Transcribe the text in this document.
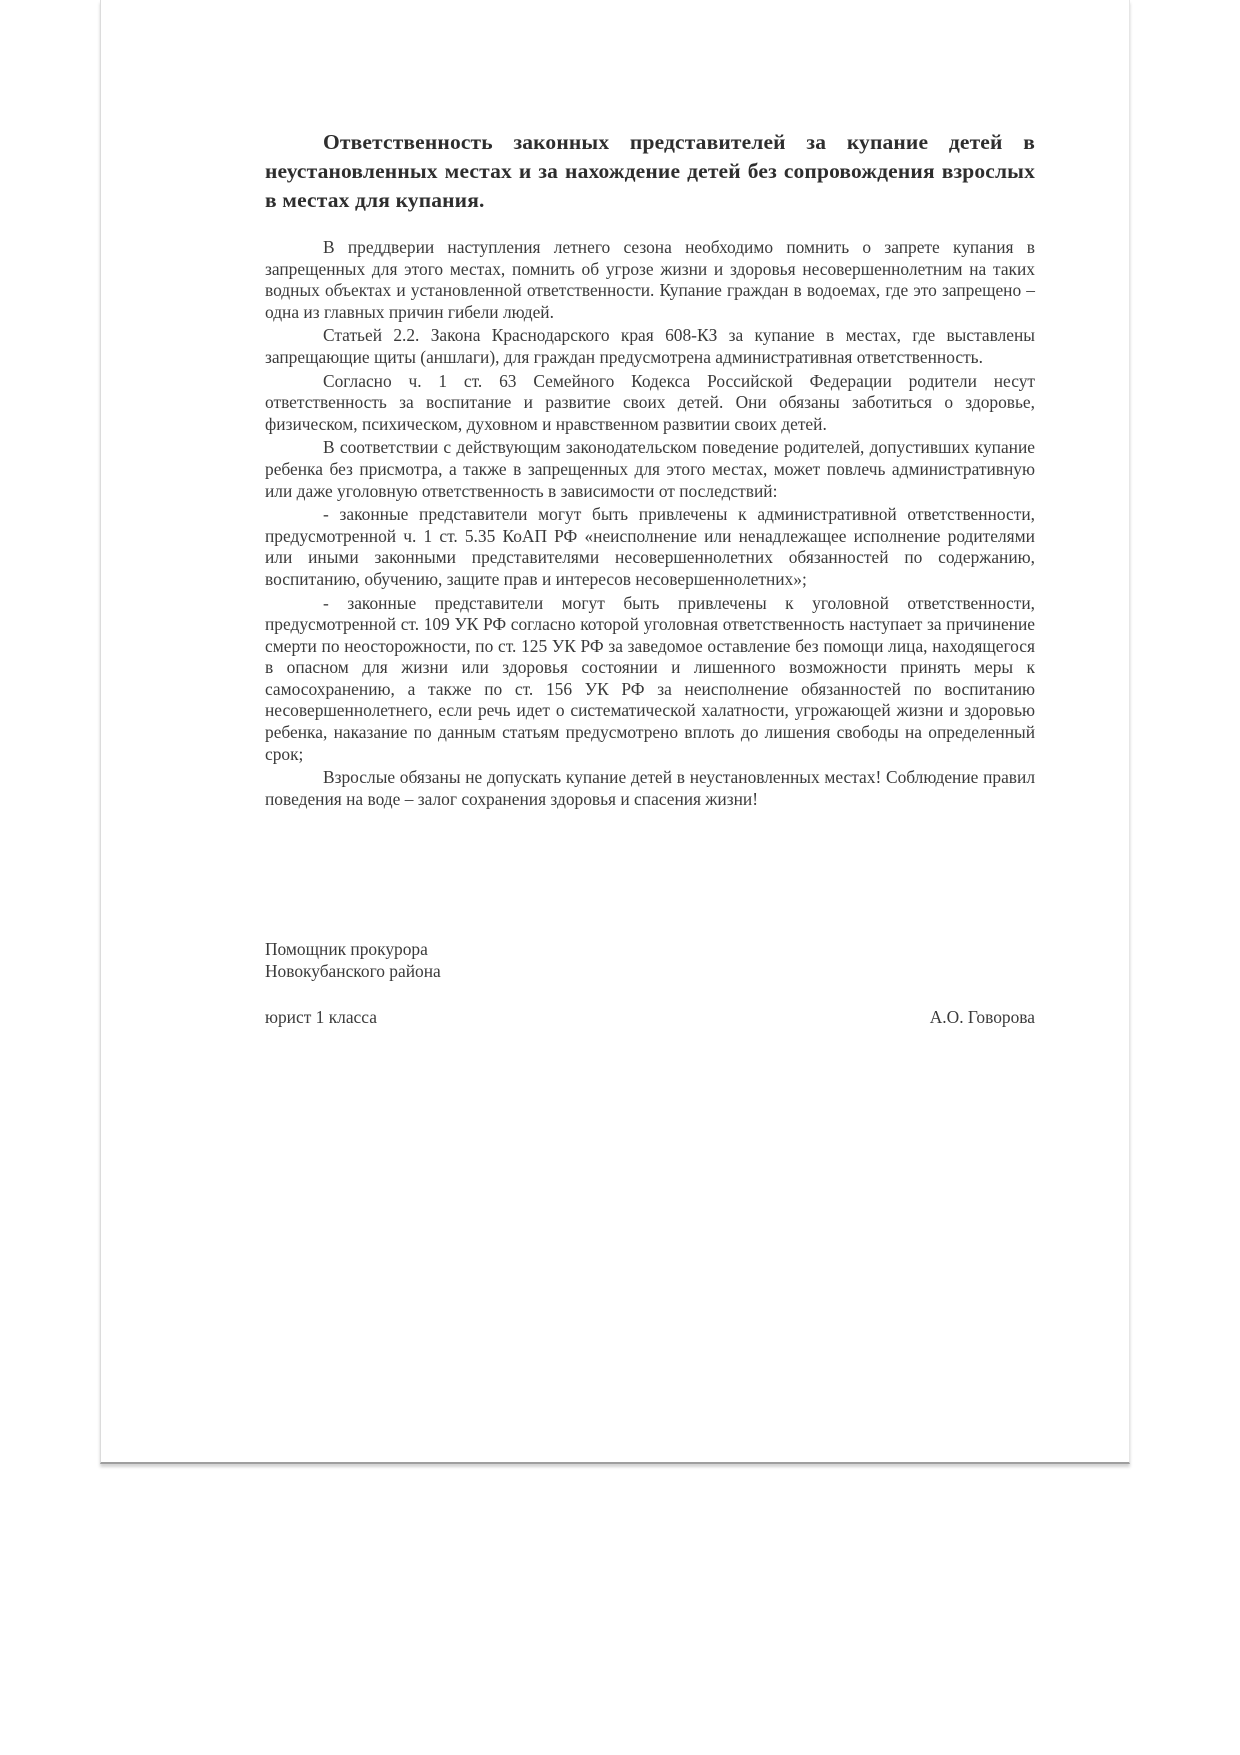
Ответственность законных представителей за купание детей в неустановленных местах и за нахождение детей без сопровождения взрослых в местах для купания.

В преддверии наступления летнего сезона необходимо помнить о запрете купания в запрещенных для этого местах, помнить об угрозе жизни и здоровья несовершеннолетним на таких водных объектах и установленной ответственности. Купание граждан в водоемах, где это запрещено – одна из главных причин гибели людей.

Статьей 2.2. Закона Краснодарского края 608-КЗ за купание в местах, где выставлены запрещающие щиты (аншлаги), для граждан предусмотрена административная ответственность.

Согласно ч. 1 ст. 63 Семейного Кодекса Российской Федерации родители несут ответственность за воспитание и развитие своих детей. Они обязаны заботиться о здоровье, физическом, психическом, духовном и нравственном развитии своих детей.

В соответствии с действующим законодательском поведение родителей, допустивших купание ребенка без присмотра, а также в запрещенных для этого местах, может повлечь административную или даже уголовную ответственность в зависимости от последствий:

- законные представители могут быть привлечены к административной ответственности, предусмотренной ч. 1 ст. 5.35 КоАП РФ «неисполнение или ненадлежащее исполнение родителями или иными законными представителями несовершеннолетних обязанностей по содержанию, воспитанию, обучению, защите прав и интересов несовершеннолетних»;

- законные представители могут быть привлечены к уголовной ответственности, предусмотренной ст. 109 УК РФ согласно которой уголовная ответственность наступает за причинение смерти по неосторожности, по ст. 125 УК РФ за заведомое оставление без помощи лица, находящегося в опасном для жизни или здоровья состоянии и лишенного возможности принять меры к самосохранению, а также по ст. 156 УК РФ за неисполнение обязанностей по воспитанию несовершеннолетнего, если речь идет о систематической халатности, угрожающей жизни и здоровью ребенка, наказание по данным статьям предусмотрено вплоть до лишения свободы на определенный срок;

Взрослые обязаны не допускать купание детей в неустановленных местах! Соблюдение правил поведения на воде – залог сохранения здоровья и спасения жизни!

Помощник прокурора
Новокубанского района
юрист 1 класса	А.О. Говорова
